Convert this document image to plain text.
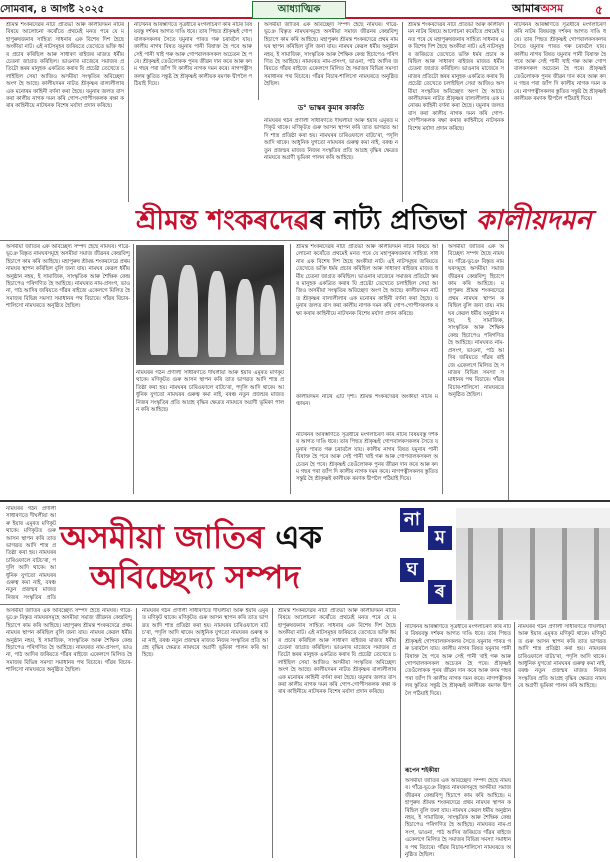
সোমবাৰ, ৪ আগষ্ট ২০২৫	আধ্যাত্মিক	আমাৰঅসম	৫
শ্ৰীমন্ত শংকৰদেৱৰ নাট্য প্ৰতিভা আৰু কালীয়দমন নাটৰ বিষয়ে আলোচনা কৰোঁতে প্ৰথমেই মনত পৰে যে মহাপুৰুষজনাৰ সাহিত্য সাধনাৰ এক বিশেষ দিশ হৈছে অংকীয়া নাট। এই নাটসমূহৰ জৰিয়তে তেখেতে ভক্তি ধৰ্মৰ প্ৰচাৰ কৰিছিল আৰু সাধাৰণ ৰাইজৰ মাজত ধৰ্মীয় চেতনা জাগ্ৰত কৰিছিল। ভাওনাৰ মাজেৰে সমাজৰ প্ৰতিটো স্তৰৰ মানুহক একত্ৰিত কৰাৰ যি প্ৰচেষ্টা তেখেতে চলাইছিল সেয়া আজিও অসমীয়া সংস্কৃতিৰ অবিচ্ছেদ্য অংগ হৈ আছে। কালীয়দমন নাটত শ্ৰীকৃষ্ণৰ বাল্যলীলাৰ এক মনোৰম কাহিনী বৰ্ণনা কৰা হৈছে। যমুনাৰ জলত বাস কৰা কালীয় নাগক দমন কৰি গোপ-গোপীসকলক ৰক্ষা কৰাৰ কাহিনীয়ে নাটখনক বিশেষ মৰ্যাদা প্ৰদান কৰিছে।
নাটখনৰ আৰম্ভণিতে সূত্ৰধাৰে মংগলাচৰণ কৰি নাটৰ বিষয়বস্তু দৰ্শকৰ আগত দাঙি ধৰে। তাৰ পিছত শ্ৰীকৃষ্ণই গোপবালকসকলৰ সৈতে যমুনাৰ পাৰত গৰু চৰাবলৈ যায়। কালীয় নাগৰ বিষত যমুনাৰ পানী বিষাক্ত হৈ পৰে আৰু সেই পানী খাই গৰু আৰু গোপবালকসকল অচেতন হৈ পৰে। শ্ৰীকৃষ্ণই তেওঁলোকক পুনৰ জীৱন দান কৰে আৰু কদম গছৰ পৰা জাঁপ দি কালীয় নাগক দমন কৰে। নাগপত্নীসকলৰ স্তুতিত সন্তুষ্ট হৈ শ্ৰীকৃষ্ণই কালীয়ক ৰমণক দ্বীপলৈ পঠিয়াই দিয়ে।
অসমীয়া জাতিৰ এক অবিচ্ছেদ্য সম্পদ হৈছে নামঘৰ। গাঁৱে-ভূঞে বিস্তৃত নামঘৰসমূহে অসমীয়া সমাজ জীৱনৰ কেন্দ্ৰবিন্দু হিচাপে কাম কৰি আহিছে। মহাপুৰুষ শ্ৰীমন্ত শংকৰদেৱে প্ৰথম নামঘৰ স্থাপন কৰিছিল বুলি জনা যায়। নামঘৰ কেৱল ধৰ্মীয় অনুষ্ঠান নহয়, ই সামাজিক, সাংস্কৃতিক আৰু শৈক্ষিক কেন্দ্ৰ হিচাপেও পৰিগণিত হৈ আহিছে। নামঘৰত নাম-প্ৰসংগ, ভাওনা, পাঠ আদিৰ জৰিয়তে গাঁৱৰ ৰাইজে একেলগে মিলিত হৈ সমাজৰ বিভিন্ন সমস্যা সমাধানৰ পথ বিচাৰে। গাঁৱৰ বিচাৰ-শালিসো নামঘৰতে অনুষ্ঠিত হৈছিল।
ড° ভাস্কৰ কুমাৰ কাকতি
নামঘৰৰ গঠন প্ৰণালী সাধাৰণতে দীঘলীয়া আৰু ইয়াৰ এমূৰত মণিকূট থাকে। মণিকূটত গুৰু আসন স্থাপন কৰি তাত ভাগৱত আদি শাস্ত্ৰ প্ৰতিষ্ঠা কৰা হয়। নামঘৰৰ চাৰিওফালে বাটচ'ৰা, পদূলি আদি থাকে। আধুনিক যুগতো নামঘৰৰ গুৰুত্ব কমা নাই, বৰঞ্চ নতুন প্ৰজন্মৰ মাজত নিজৰ সংস্কৃতিৰ প্ৰতি আগ্ৰহ বৃদ্ধিৰ ক্ষেত্ৰত নামঘৰে অগ্ৰণী ভূমিকা পালন কৰি আহিছে।
শ্ৰীমন্ত শংকৰদেৱৰ নাট্য প্ৰতিভা আৰু কালীয়দমন নাটৰ বিষয়ে আলোচনা কৰোঁতে প্ৰথমেই মনত পৰে যে মহাপুৰুষজনাৰ সাহিত্য সাধনাৰ এক বিশেষ দিশ হৈছে অংকীয়া নাট। এই নাটসমূহৰ জৰিয়তে তেখেতে ভক্তি ধৰ্মৰ প্ৰচাৰ কৰিছিল আৰু সাধাৰণ ৰাইজৰ মাজত ধৰ্মীয় চেতনা জাগ্ৰত কৰিছিল। ভাওনাৰ মাজেৰে সমাজৰ প্ৰতিটো স্তৰৰ মানুহক একত্ৰিত কৰাৰ যি প্ৰচেষ্টা তেখেতে চলাইছিল সেয়া আজিও অসমীয়া সংস্কৃতিৰ অবিচ্ছেদ্য অংগ হৈ আছে। কালীয়দমন নাটত শ্ৰীকৃষ্ণৰ বাল্যলীলাৰ এক মনোৰম কাহিনী বৰ্ণনা কৰা হৈছে। যমুনাৰ জলত বাস কৰা কালীয় নাগক দমন কৰি গোপ-গোপীসকলক ৰক্ষা কৰাৰ কাহিনীয়ে নাটখনক বিশেষ মৰ্যাদা প্ৰদান কৰিছে।
নাটখনৰ আৰম্ভণিতে সূত্ৰধাৰে মংগলাচৰণ কৰি নাটৰ বিষয়বস্তু দৰ্শকৰ আগত দাঙি ধৰে। তাৰ পিছত শ্ৰীকৃষ্ণই গোপবালকসকলৰ সৈতে যমুনাৰ পাৰত গৰু চৰাবলৈ যায়। কালীয় নাগৰ বিষত যমুনাৰ পানী বিষাক্ত হৈ পৰে আৰু সেই পানী খাই গৰু আৰু গোপবালকসকল অচেতন হৈ পৰে। শ্ৰীকৃষ্ণই তেওঁলোকক পুনৰ জীৱন দান কৰে আৰু কদম গছৰ পৰা জাঁপ দি কালীয় নাগক দমন কৰে। নাগপত্নীসকলৰ স্তুতিত সন্তুষ্ট হৈ শ্ৰীকৃষ্ণই কালীয়ক ৰমণক দ্বীপলৈ পঠিয়াই দিয়ে।
শ্ৰীমন্ত শংকৰদেৱৰ নাট্য প্ৰতিভা কালীয়দমন
অসমীয়া জাতিৰ এক অবিচ্ছেদ্য সম্পদ হৈছে নামঘৰ। গাঁৱে-ভূঞে বিস্তৃত নামঘৰসমূহে অসমীয়া সমাজ জীৱনৰ কেন্দ্ৰবিন্দু হিচাপে কাম কৰি আহিছে। মহাপুৰুষ শ্ৰীমন্ত শংকৰদেৱে প্ৰথম নামঘৰ স্থাপন কৰিছিল বুলি জনা যায়। নামঘৰ কেৱল ধৰ্মীয় অনুষ্ঠান নহয়, ই সামাজিক, সাংস্কৃতিক আৰু শৈক্ষিক কেন্দ্ৰ হিচাপেও পৰিগণিত হৈ আহিছে। নামঘৰত নাম-প্ৰসংগ, ভাওনা, পাঠ আদিৰ জৰিয়তে গাঁৱৰ ৰাইজে একেলগে মিলিত হৈ সমাজৰ বিভিন্ন সমস্যা সমাধানৰ পথ বিচাৰে। গাঁৱৰ বিচাৰ-শালিসো নামঘৰতে অনুষ্ঠিত হৈছিল।
নামঘৰৰ গঠন প্ৰণালী সাধাৰণতে দীঘলীয়া আৰু ইয়াৰ এমূৰত মণিকূট থাকে। মণিকূটত গুৰু আসন স্থাপন কৰি তাত ভাগৱত আদি শাস্ত্ৰ প্ৰতিষ্ঠা কৰা হয়। নামঘৰৰ চাৰিওফালে বাটচ'ৰা, পদূলি আদি থাকে। আধুনিক যুগতো নামঘৰৰ গুৰুত্ব কমা নাই, বৰঞ্চ নতুন প্ৰজন্মৰ মাজত নিজৰ সংস্কৃতিৰ প্ৰতি আগ্ৰহ বৃদ্ধিৰ ক্ষেত্ৰত নামঘৰে অগ্ৰণী ভূমিকা পালন কৰি আহিছে।
শ্ৰীমন্ত শংকৰদেৱৰ নাট্য প্ৰতিভা আৰু কালীয়দমন নাটৰ বিষয়ে আলোচনা কৰোঁতে প্ৰথমেই মনত পৰে যে মহাপুৰুষজনাৰ সাহিত্য সাধনাৰ এক বিশেষ দিশ হৈছে অংকীয়া নাট। এই নাটসমূহৰ জৰিয়তে তেখেতে ভক্তি ধৰ্মৰ প্ৰচাৰ কৰিছিল আৰু সাধাৰণ ৰাইজৰ মাজত ধৰ্মীয় চেতনা জাগ্ৰত কৰিছিল। ভাওনাৰ মাজেৰে সমাজৰ প্ৰতিটো স্তৰৰ মানুহক একত্ৰিত কৰাৰ যি প্ৰচেষ্টা তেখেতে চলাইছিল সেয়া আজিও অসমীয়া সংস্কৃতিৰ অবিচ্ছেদ্য অংগ হৈ আছে। কালীয়দমন নাটত শ্ৰীকৃষ্ণৰ বাল্যলীলাৰ এক মনোৰম কাহিনী বৰ্ণনা কৰা হৈছে। যমুনাৰ জলত বাস কৰা কালীয় নাগক দমন কৰি গোপ-গোপীসকলক ৰক্ষা কৰাৰ কাহিনীয়ে নাটখনক বিশেষ মৰ্যাদা প্ৰদান কৰিছে।
কালীয়দমন নাটৰ এটি দৃশ্য। শ্ৰীমন্ত শংকৰদেৱৰ অংকীয়া নাটৰ মঞ্চায়ন।
নাটখনৰ আৰম্ভণিতে সূত্ৰধাৰে মংগলাচৰণ কৰি নাটৰ বিষয়বস্তু দৰ্শকৰ আগত দাঙি ধৰে। তাৰ পিছত শ্ৰীকৃষ্ণই গোপবালকসকলৰ সৈতে যমুনাৰ পাৰত গৰু চৰাবলৈ যায়। কালীয় নাগৰ বিষত যমুনাৰ পানী বিষাক্ত হৈ পৰে আৰু সেই পানী খাই গৰু আৰু গোপবালকসকল অচেতন হৈ পৰে। শ্ৰীকৃষ্ণই তেওঁলোকক পুনৰ জীৱন দান কৰে আৰু কদম গছৰ পৰা জাঁপ দি কালীয় নাগক দমন কৰে। নাগপত্নীসকলৰ স্তুতিত সন্তুষ্ট হৈ শ্ৰীকৃষ্ণই কালীয়ক ৰমণক দ্বীপলৈ পঠিয়াই দিয়ে।
অসমীয়া জাতিৰ এক অবিচ্ছেদ্য সম্পদ হৈছে নামঘৰ। গাঁৱে-ভূঞে বিস্তৃত নামঘৰসমূহে অসমীয়া সমাজ জীৱনৰ কেন্দ্ৰবিন্দু হিচাপে কাম কৰি আহিছে। মহাপুৰুষ শ্ৰীমন্ত শংকৰদেৱে প্ৰথম নামঘৰ স্থাপন কৰিছিল বুলি জনা যায়। নামঘৰ কেৱল ধৰ্মীয় অনুষ্ঠান নহয়, ই সামাজিক, সাংস্কৃতিক আৰু শৈক্ষিক কেন্দ্ৰ হিচাপেও পৰিগণিত হৈ আহিছে। নামঘৰত নাম-প্ৰসংগ, ভাওনা, পাঠ আদিৰ জৰিয়তে গাঁৱৰ ৰাইজে একেলগে মিলিত হৈ সমাজৰ বিভিন্ন সমস্যা সমাধানৰ পথ বিচাৰে। গাঁৱৰ বিচাৰ-শালিসো নামঘৰতে অনুষ্ঠিত হৈছিল।
নামঘৰৰ গঠন প্ৰণালী সাধাৰণতে দীঘলীয়া আৰু ইয়াৰ এমূৰত মণিকূট থাকে। মণিকূটত গুৰু আসন স্থাপন কৰি তাত ভাগৱত আদি শাস্ত্ৰ প্ৰতিষ্ঠা কৰা হয়। নামঘৰৰ চাৰিওফালে বাটচ'ৰা, পদূলি আদি থাকে। আধুনিক যুগতো নামঘৰৰ গুৰুত্ব কমা নাই, বৰঞ্চ নতুন প্ৰজন্মৰ মাজত নিজৰ সংস্কৃতিৰ প্ৰতি
অসমীয়া জাতিৰ এক
অবিচ্ছেদ্য সম্পদ
না
ম
ঘ
ৰ
অসমীয়া জাতিৰ এক অবিচ্ছেদ্য সম্পদ হৈছে নামঘৰ। গাঁৱে-ভূঞে বিস্তৃত নামঘৰসমূহে অসমীয়া সমাজ জীৱনৰ কেন্দ্ৰবিন্দু হিচাপে কাম কৰি আহিছে। মহাপুৰুষ শ্ৰীমন্ত শংকৰদেৱে প্ৰথম নামঘৰ স্থাপন কৰিছিল বুলি জনা যায়। নামঘৰ কেৱল ধৰ্মীয় অনুষ্ঠান নহয়, ই সামাজিক, সাংস্কৃতিক আৰু শৈক্ষিক কেন্দ্ৰ হিচাপেও পৰিগণিত হৈ আহিছে। নামঘৰত নাম-প্ৰসংগ, ভাওনা, পাঠ আদিৰ জৰিয়তে গাঁৱৰ ৰাইজে একেলগে মিলিত হৈ সমাজৰ বিভিন্ন সমস্যা সমাধানৰ পথ বিচাৰে। গাঁৱৰ বিচাৰ-শালিসো নামঘৰতে অনুষ্ঠিত হৈছিল।
নামঘৰৰ গঠন প্ৰণালী সাধাৰণতে দীঘলীয়া আৰু ইয়াৰ এমূৰত মণিকূট থাকে। মণিকূটত গুৰু আসন স্থাপন কৰি তাত ভাগৱত আদি শাস্ত্ৰ প্ৰতিষ্ঠা কৰা হয়। নামঘৰৰ চাৰিওফালে বাটচ'ৰা, পদূলি আদি থাকে। আধুনিক যুগতো নামঘৰৰ গুৰুত্ব কমা নাই, বৰঞ্চ নতুন প্ৰজন্মৰ মাজত নিজৰ সংস্কৃতিৰ প্ৰতি আগ্ৰহ বৃদ্ধিৰ ক্ষেত্ৰত নামঘৰে অগ্ৰণী ভূমিকা পালন কৰি আহিছে।
শ্ৰীমন্ত শংকৰদেৱৰ নাট্য প্ৰতিভা আৰু কালীয়দমন নাটৰ বিষয়ে আলোচনা কৰোঁতে প্ৰথমেই মনত পৰে যে মহাপুৰুষজনাৰ সাহিত্য সাধনাৰ এক বিশেষ দিশ হৈছে অংকীয়া নাট। এই নাটসমূহৰ জৰিয়তে তেখেতে ভক্তি ধৰ্মৰ প্ৰচাৰ কৰিছিল আৰু সাধাৰণ ৰাইজৰ মাজত ধৰ্মীয় চেতনা জাগ্ৰত কৰিছিল। ভাওনাৰ মাজেৰে সমাজৰ প্ৰতিটো স্তৰৰ মানুহক একত্ৰিত কৰাৰ যি প্ৰচেষ্টা তেখেতে চলাইছিল সেয়া আজিও অসমীয়া সংস্কৃতিৰ অবিচ্ছেদ্য অংগ হৈ আছে। কালীয়দমন নাটত শ্ৰীকৃষ্ণৰ বাল্যলীলাৰ এক মনোৰম কাহিনী বৰ্ণনা কৰা হৈছে। যমুনাৰ জলত বাস কৰা কালীয় নাগক দমন কৰি গোপ-গোপীসকলক ৰক্ষা কৰাৰ কাহিনীয়ে নাটখনক বিশেষ মৰ্যাদা প্ৰদান কৰিছে।
নাটখনৰ আৰম্ভণিতে সূত্ৰধাৰে মংগলাচৰণ কৰি নাটৰ বিষয়বস্তু দৰ্শকৰ আগত দাঙি ধৰে। তাৰ পিছত শ্ৰীকৃষ্ণই গোপবালকসকলৰ সৈতে যমুনাৰ পাৰত গৰু চৰাবলৈ যায়। কালীয় নাগৰ বিষত যমুনাৰ পানী বিষাক্ত হৈ পৰে আৰু সেই পানী খাই গৰু আৰু গোপবালকসকল অচেতন হৈ পৰে। শ্ৰীকৃষ্ণই তেওঁলোকক পুনৰ জীৱন দান কৰে আৰু কদম গছৰ পৰা জাঁপ দি কালীয় নাগক দমন কৰে। নাগপত্নীসকলৰ স্তুতিত সন্তুষ্ট হৈ শ্ৰীকৃষ্ণই কালীয়ক ৰমণক দ্বীপলৈ পঠিয়াই দিয়ে।
ৰূপেন শইকীয়া
অসমীয়া জাতিৰ এক অবিচ্ছেদ্য সম্পদ হৈছে নামঘৰ। গাঁৱে-ভূঞে বিস্তৃত নামঘৰসমূহে অসমীয়া সমাজ জীৱনৰ কেন্দ্ৰবিন্দু হিচাপে কাম কৰি আহিছে। মহাপুৰুষ শ্ৰীমন্ত শংকৰদেৱে প্ৰথম নামঘৰ স্থাপন কৰিছিল বুলি জনা যায়। নামঘৰ কেৱল ধৰ্মীয় অনুষ্ঠান নহয়, ই সামাজিক, সাংস্কৃতিক আৰু শৈক্ষিক কেন্দ্ৰ হিচাপেও পৰিগণিত হৈ আহিছে। নামঘৰত নাম-প্ৰসংগ, ভাওনা, পাঠ আদিৰ জৰিয়তে গাঁৱৰ ৰাইজে একেলগে মিলিত হৈ সমাজৰ বিভিন্ন সমস্যা সমাধানৰ পথ বিচাৰে। গাঁৱৰ বিচাৰ-শালিসো নামঘৰতে অনুষ্ঠিত হৈছিল।
নামঘৰৰ গঠন প্ৰণালী সাধাৰণতে দীঘলীয়া আৰু ইয়াৰ এমূৰত মণিকূট থাকে। মণিকূটত গুৰু আসন স্থাপন কৰি তাত ভাগৱত আদি শাস্ত্ৰ প্ৰতিষ্ঠা কৰা হয়। নামঘৰৰ চাৰিওফালে বাটচ'ৰা, পদূলি আদি থাকে। আধুনিক যুগতো নামঘৰৰ গুৰুত্ব কমা নাই, বৰঞ্চ নতুন প্ৰজন্মৰ মাজত নিজৰ সংস্কৃতিৰ প্ৰতি আগ্ৰহ বৃদ্ধিৰ ক্ষেত্ৰত নামঘৰে অগ্ৰণী ভূমিকা পালন কৰি আহিছে।
